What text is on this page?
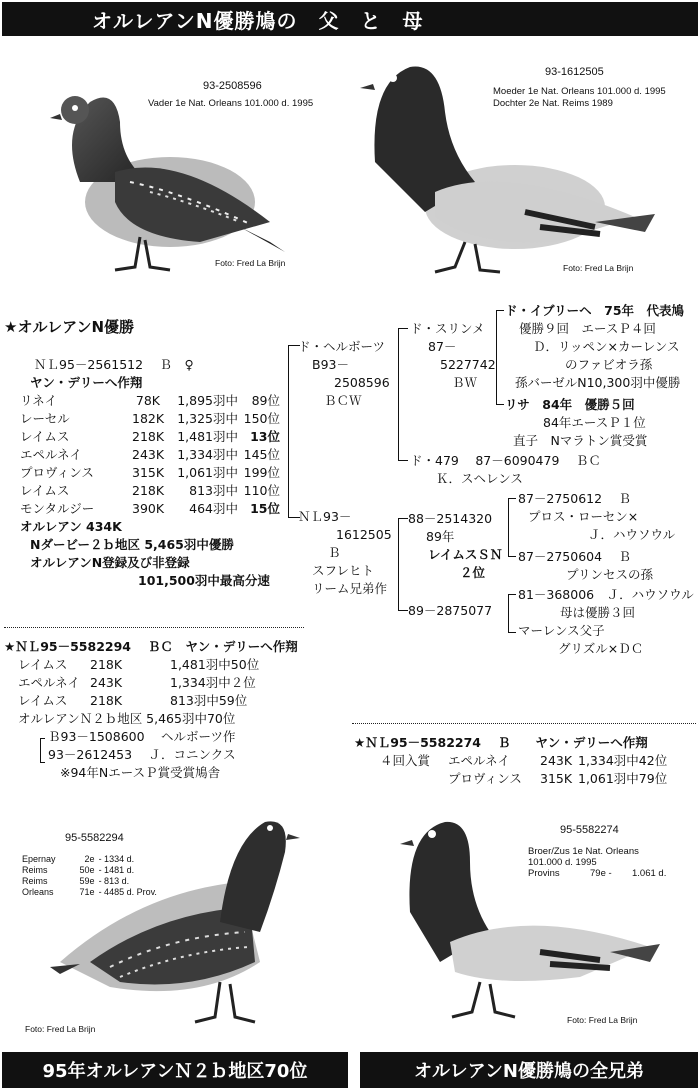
オルレアンN優勝鳩の　父　と　母
93-2508596
Vader 1e Nat. Orleans 101.000 d. 1995
Foto: Fred La Brijn
93-1612505
Moeder 1e Nat. Orleans 101.000 d. 1995
Dochter 2e Nat. Reims 1989
Foto: Fred La Brijn
★オルレアンN優勝
ＮＬ95－2561512　 Ｂ　♀
ヤン・デリーへ作翔
リネイ	78K	1,895羽中	89位
レーセル	182K	1,325羽中 150位
レイムス	218K	1,481羽中 13位
エペルネイ	243K	1,334羽中 145位
プロヴィンス	315K	1,061羽中 199位
レイムス	218K	813羽中 110位
モンタルジー	390K	464羽中 15位
オルレアン 434K
Nダービー２ｂ地区 5,465羽中優勝
オルレアンN登録及び非登録
101,500羽中最高分速
ド・ヘルボーツ
B93－
2508596
ＢＣＷ
ＮＬ93－
1612505
Ｂ
スフレヒト
リーム兄弟作
ド・スリンメ
87－
5227742
ＢＷ
ド・479　 87－6090479　 ＢＣ
Ｋ．スヘレンス
ド・イブリーヘ　75年　代表鳩
優勝９回　エースＰ４回
Ｄ．リッペン×カーレンス
のファビオラ孫
孫バーゼルN10,300羽中優勝
リサ　84年　優勝５回
84年エースＰ１位
直子　Nマラトン賞受賞
88－2514320
89年
レイムスＳＮ
２位
89－2875077
87－2750612　 Ｂ
プロス・ローセン×
Ｊ．ハウソウル
87－2750604　 Ｂ
プリンセスの孫
81－368006　Ｊ．ハウソウル
母は優勝３回
マーレンス父子
グリズル×ＤＣ
★ＮＬ95－5582294　 ＢＣ　ヤン・デリーへ作翔
レイムス 218K	1,481羽中50位
エペルネイ 243K	1,334羽中２位
レイムス 218K	813羽中59位
オルレアンＮ２ｂ地区 5,465羽中70位
Ｂ93－1508600　 ヘルボーツ作
93－2612453　 Ｊ．コニンクス
※94年NエースＰ賞受賞鳩舎
★ＮＬ95－5582274　 Ｂ　　ヤン・デリーへ作翔
４回入賞 エペルネイ 243K 1,334羽中42位
プロヴィンス 315K 1,061羽中79位
95-5582294
Epernay	2e	- 1334 d.
Reims	50e	- 1481 d.
Reims	59e	- 813 d.
Orleans	71e	- 4485 d. Prov.
Foto: Fred La Brijn
95-5582274
Broer/Zus 1e Nat. Orleans
101.000 d. 1995
Provins	79e - 1.061 d.
Foto: Fred La Brijn
95年オルレアンＮ２ｂ地区70位	オルレアンN優勝鳩の全兄弟
